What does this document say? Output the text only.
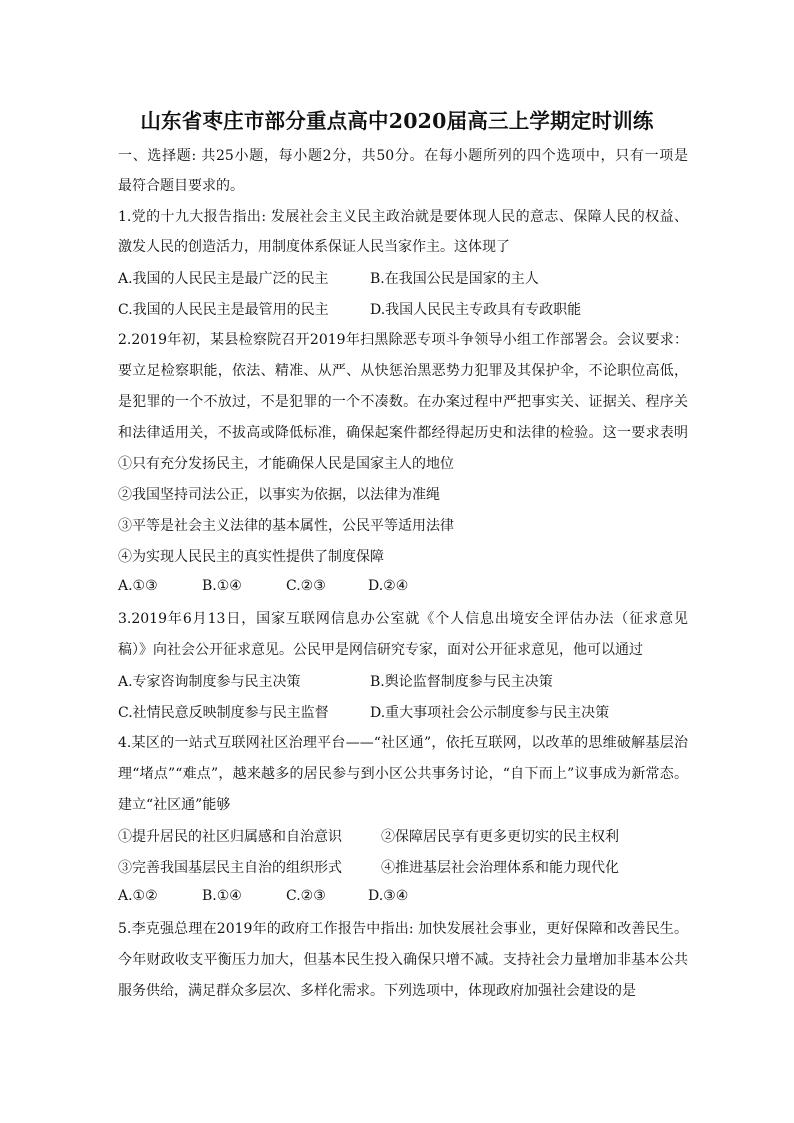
山东省枣庄市部分重点高中2020届高三上学期定时训练
一、选择题: 共25小题，每小题2分，共50分。在每小题所列的四个选项中，只有一项是
最符合题目要求的。
1.党的十九大报告指出: 发展社会主义民主政治就是要体现人民的意志、保障人民的权益、
激发人民的创造活力，用制度体系保证人民当家作主。这体现了
A.我国的人民民主是最广泛的民主	B.在我国公民是国家的主人
C.我国的人民民主是最管用的民主	D.我国人民民主专政具有专政职能
2.2019年初，某县检察院召开2019年扫黑除恶专项斗争领导小组工作部署会。会议要求：
要立足检察职能，依法、精准、从严、从快惩治黑恶势力犯罪及其保护伞，不论职位高低，
是犯罪的一个不放过，不是犯罪的一个不凑数。在办案过程中严把事实关、证据关、程序关
和法律适用关，不拔高或降低标准，确保起案件都经得起历史和法律的检验。这一要求表明
①只有充分发扬民主，才能确保人民是国家主人的地位
②我国坚持司法公正，以事实为依据，以法律为准绳
③平等是社会主义法律的基本属性，公民平等适用法律
④为实现人民民主的真实性提供了制度保障
A.①③	B.①④	C.②③	D.②④
3.2019年6月13日，国家互联网信息办公室就《个人信息出境安全评估办法（征求意见
稿）》向社会公开征求意见。公民甲是网信研究专家，面对公开征求意见，他可以通过
A.专家咨询制度参与民主决策	B.舆论监督制度参与民主决策
C.社情民意反映制度参与民主监督	D.重大事项社会公示制度参与民主决策
4.某区的一站式互联网社区治理平台——“社区通”，依托互联网，以改革的思维破解基层治
理“堵点”“难点”，越来越多的居民参与到小区公共事务讨论，“自下而上”议事成为新常态。
建立“社区通”能够
①提升居民的社区归属感和自治意识	②保障居民享有更多更切实的民主权利
③完善我国基层民主自治的组织形式	④推进基层社会治理体系和能力现代化
A.①②	B.①④	C.②③	D.③④
5.李克强总理在2019年的政府工作报告中指出: 加快发展社会事业，更好保障和改善民生。
今年财政收支平衡压力加大，但基本民生投入确保只增不减。支持社会力量增加非基本公共
服务供给，满足群众多层次、多样化需求。下列选项中，体现政府加强社会建设的是
